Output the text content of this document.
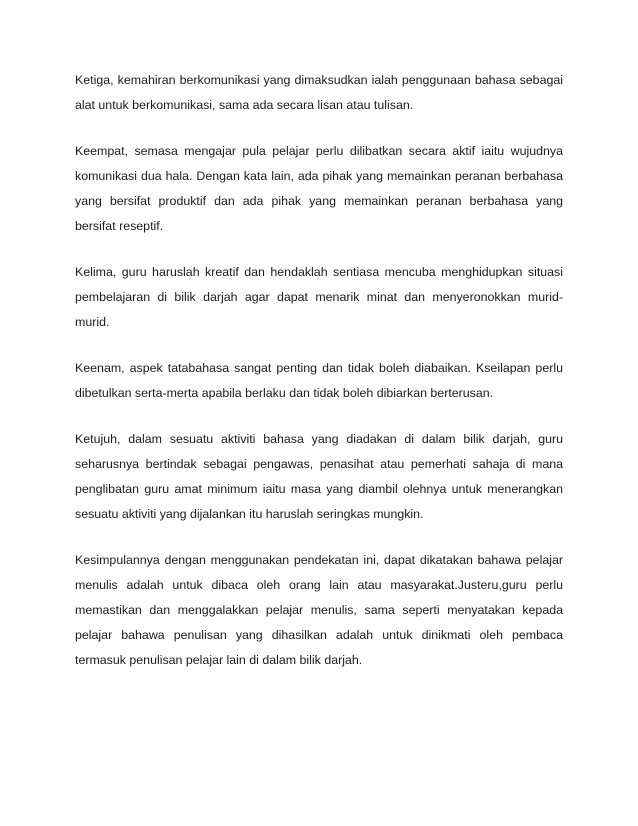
Ketiga, kemahiran berkomunikasi yang dimaksudkan ialah penggunaan bahasa sebagai
alat untuk berkomunikasi, sama ada secara lisan atau tulisan.

Keempat, semasa mengajar pula pelajar perlu dilibatkan secara aktif iaitu wujudnya
komunikasi dua hala. Dengan kata lain, ada pihak yang memainkan peranan berbahasa
yang bersifat produktif dan ada pihak yang memainkan peranan berbahasa yang
bersifat reseptif.

Kelima, guru haruslah kreatif dan hendaklah sentiasa mencuba menghidupkan situasi
pembelajaran di bilik darjah agar dapat menarik minat dan menyeronokkan murid-
murid.

Keenam, aspek tatabahasa sangat penting dan tidak boleh diabaikan. Kseilapan perlu
dibetulkan serta-merta apabila berlaku dan tidak boleh dibiarkan berterusan.

Ketujuh, dalam sesuatu aktiviti bahasa yang diadakan di dalam bilik darjah, guru
seharusnya bertindak sebagai pengawas, penasihat atau pemerhati sahaja di mana
penglibatan guru amat minimum iaitu masa yang diambil olehnya untuk menerangkan
sesuatu aktiviti yang dijalankan itu haruslah seringkas mungkin.

Kesimpulannya dengan menggunakan pendekatan ini, dapat dikatakan bahawa pelajar
menulis adalah untuk dibaca oleh orang lain atau masyarakat.Justeru,guru perlu
memastikan dan menggalakkan pelajar menulis, sama seperti menyatakan kepada
pelajar bahawa penulisan yang dihasilkan adalah untuk dinikmati oleh pembaca
termasuk penulisan pelajar lain di dalam bilik darjah.
